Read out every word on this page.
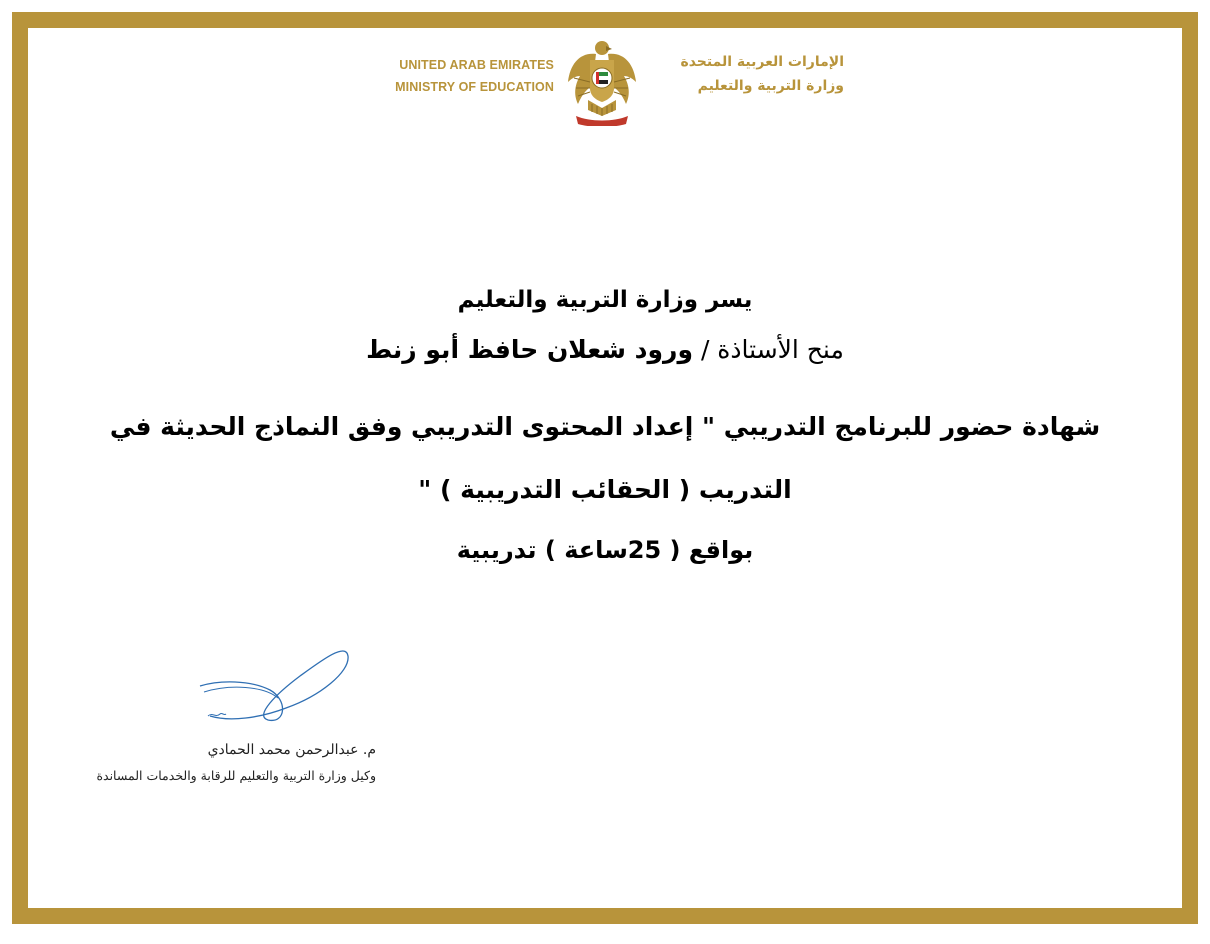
UNITED ARAB EMIRATES
MINISTRY OF EDUCATION
الإمارات العربية المتحدة
وزارة التربية والتعليم
يسر وزارة التربية والتعليم
منح الأستاذة / ورود شعلان حافظ أبو زنط
شهادة حضور للبرنامج التدريبي " إعداد المحتوى التدريبي وفق النماذج الحديثة في
التدريب ( الحقائب التدريبية ) "
بواقع ( 25ساعة ) تدريبية
م. عبدالرحمن محمد الحمادي
وكيل وزارة التربية والتعليم للرقابة والخدمات المساندة
